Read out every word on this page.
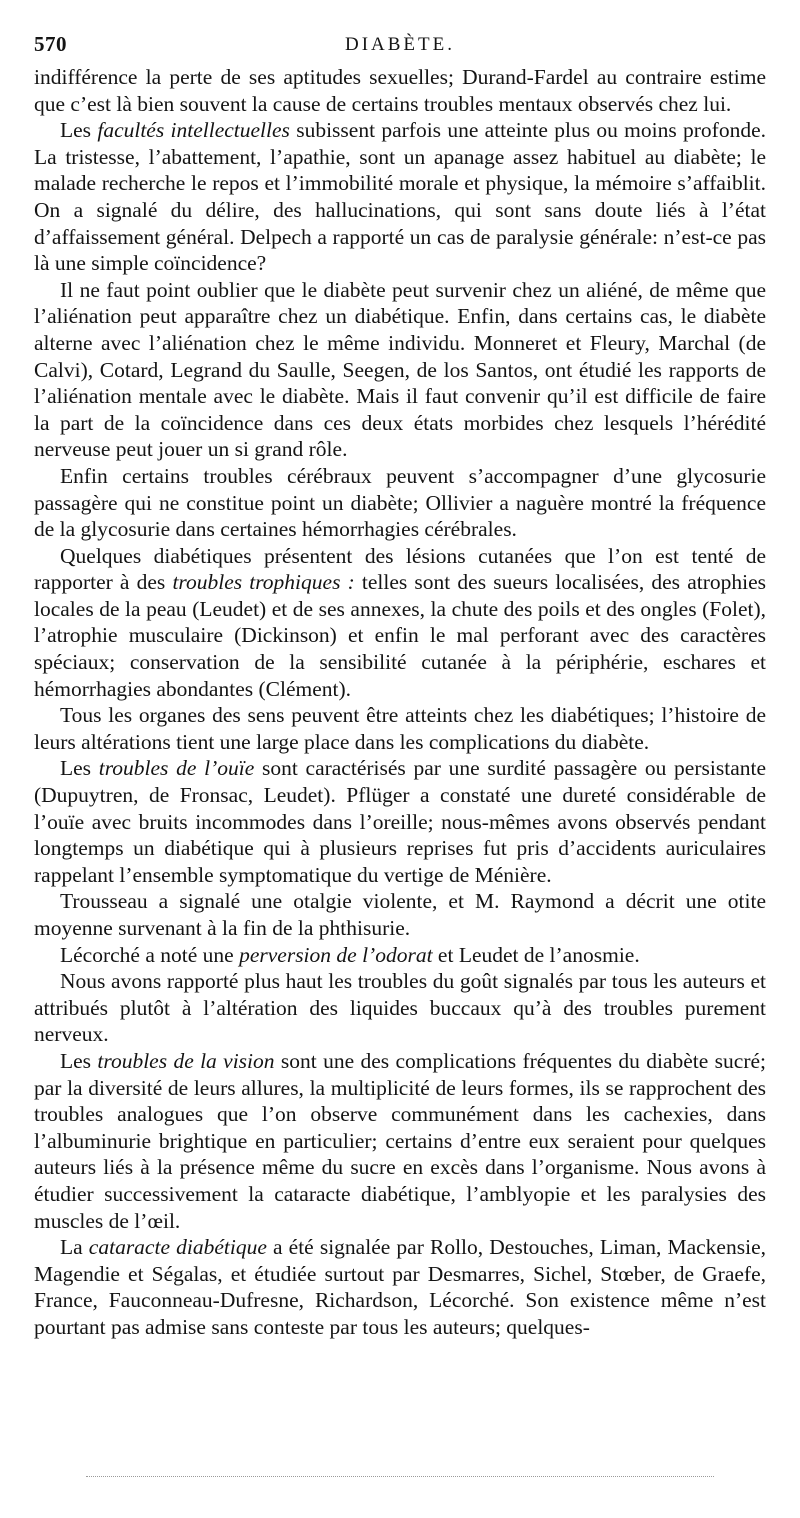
570	DIABÈTE.

indifférence la perte de ses aptitudes sexuelles; Durand-Fardel au contraire estime que c’est là bien souvent la cause de certains troubles mentaux observés chez lui.

Les facultés intellectuelles subissent parfois une atteinte plus ou moins profonde. La tristesse, l’abattement, l’apathie, sont un apanage assez habituel au diabète; le malade recherche le repos et l’immobilité morale et physique, la mémoire s’affaiblit. On a signalé du délire, des hallucinations, qui sont sans doute liés à l’état d’affaissement général. Delpech a rapporté un cas de paralysie générale: n’est-ce pas là une simple coïncidence?

Il ne faut point oublier que le diabète peut survenir chez un aliéné, de même que l’aliénation peut apparaître chez un diabétique. Enfin, dans certains cas, le diabète alterne avec l’aliénation chez le même individu. Monneret et Fleury, Marchal (de Calvi), Cotard, Legrand du Saulle, Seegen, de los Santos, ont étudié les rapports de l’aliénation mentale avec le diabète. Mais il faut convenir qu’il est difficile de faire la part de la coïncidence dans ces deux états morbides chez lesquels l’hérédité nerveuse peut jouer un si grand rôle.

Enfin certains troubles cérébraux peuvent s’accompagner d’une glycosurie passagère qui ne constitue point un diabète; Ollivier a naguère montré la fréquence de la glycosurie dans certaines hémorrhagies cérébrales.

Quelques diabétiques présentent des lésions cutanées que l’on est tenté de rapporter à des troubles trophiques : telles sont des sueurs localisées, des atrophies locales de la peau (Leudet) et de ses annexes, la chute des poils et des ongles (Folet), l’atrophie musculaire (Dickinson) et enfin le mal perforant avec des caractères spéciaux; conservation de la sensibilité cutanée à la périphérie, eschares et hémorrhagies abondantes (Clément).

Tous les organes des sens peuvent être atteints chez les diabétiques; l’histoire de leurs altérations tient une large place dans les complications du diabète.

Les troubles de l’ouïe sont caractérisés par une surdité passagère ou persistante (Dupuytren, de Fronsac, Leudet). Pflüger a constaté une dureté considérable de l’ouïe avec bruits incommodes dans l’oreille; nous-mêmes avons observés pendant longtemps un diabétique qui à plusieurs reprises fut pris d’accidents auriculaires rappelant l’ensemble symptomatique du vertige de Ménière.

Trousseau a signalé une otalgie violente, et M. Raymond a décrit une otite moyenne survenant à la fin de la phthisurie.

Lécorché a noté une perversion de l’odorat et Leudet de l’anosmie.

Nous avons rapporté plus haut les troubles du goût signalés par tous les auteurs et attribués plutôt à l’altération des liquides buccaux qu’à des troubles purement nerveux.

Les troubles de la vision sont une des complications fréquentes du diabète sucré; par la diversité de leurs allures, la multiplicité de leurs formes, ils se rapprochent des troubles analogues que l’on observe communément dans les cachexies, dans l’albuminurie brightique en particulier; certains d’entre eux seraient pour quelques auteurs liés à la présence même du sucre en excès dans l’organisme. Nous avons à étudier successivement la cataracte diabétique, l’amblyopie et les paralysies des muscles de l’œil.

La cataracte diabétique a été signalée par Rollo, Destouches, Liman, Mackensie, Magendie et Ségalas, et étudiée surtout par Desmarres, Sichel, Stœber, de Graefe, France, Fauconneau-Dufresne, Richardson, Lécorché. Son existence même n’est pourtant pas admise sans conteste par tous les auteurs; quelques-
